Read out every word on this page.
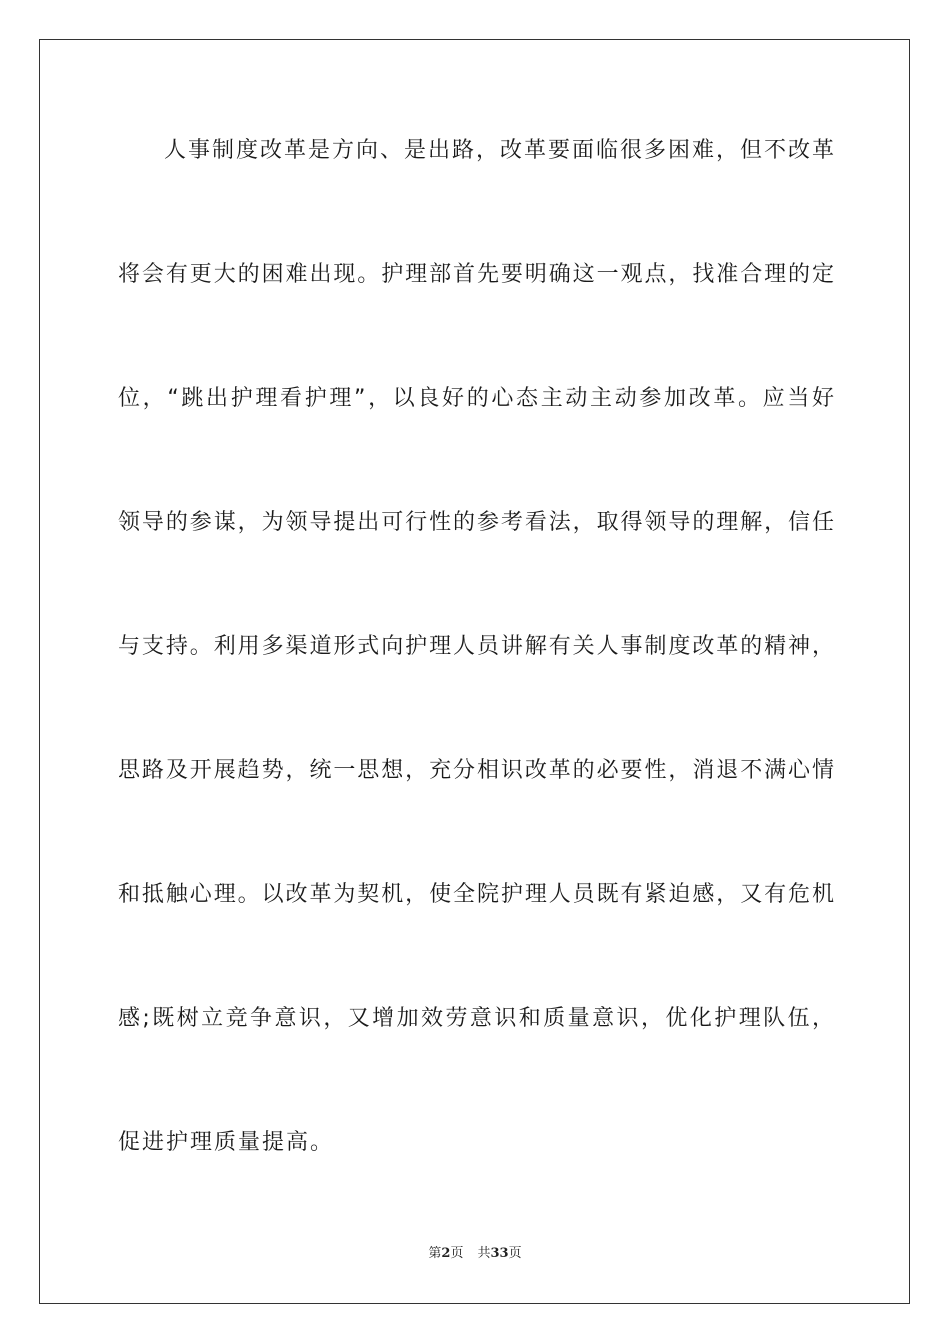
人事制度改革是方向、是出路，改革要面临很多困难，但不改革
将会有更大的困难出现。护理部首先要明确这一观点，找准合理的定
位，“跳出护理看护理”，以良好的心态主动主动参加改革。应当好
领导的参谋，为领导提出可行性的参考看法，取得领导的理解，信任
与支持。利用多渠道形式向护理人员讲解有关人事制度改革的精神，
思路及开展趋势，统一思想，充分相识改革的必要性，消退不满心情
和抵触心理。以改革为契机，使全院护理人员既有紧迫感，又有危机
感;既树立竞争意识，又增加效劳意识和质量意识，优化护理队伍，
促进护理质量提高。
第2页 共33页
